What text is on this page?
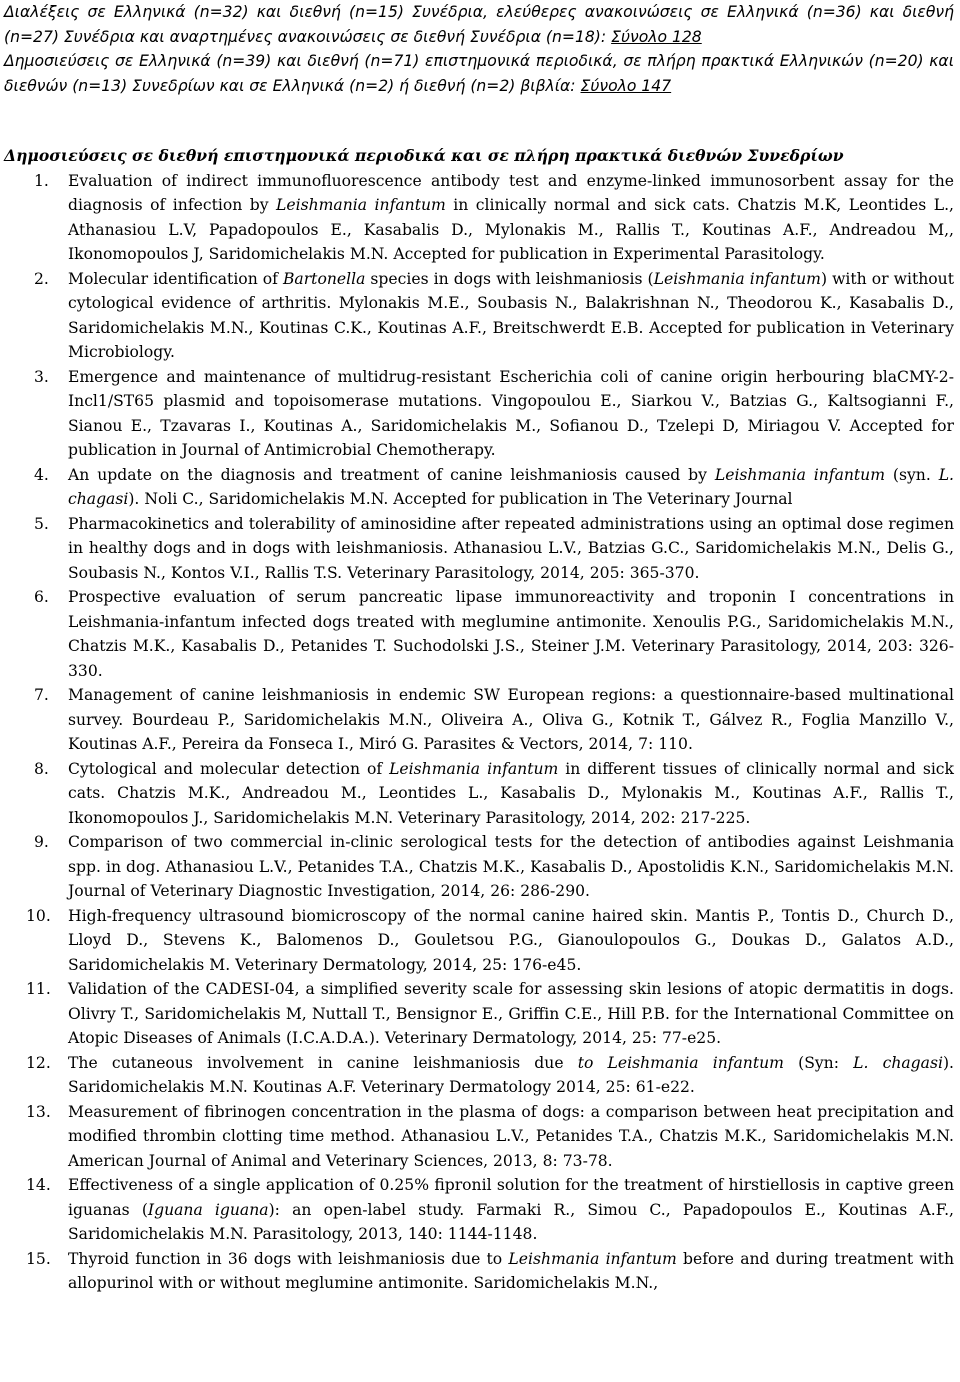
Διαλέξεις σε Ελληνικά (n=32) και διεθνή (n=15) Συνέδρια, ελεύθερες ανακοινώσεις σε Ελληνικά (n=36) και διεθνή (n=27) Συνέδρια και αναρτημένες ανακοινώσεις σε διεθνή Συνέδρια (n=18): Σύνολο 128

Δημοσιεύσεις σε Ελληνικά (n=39) και διεθνή (n=71) επιστημονικά περιοδικά, σε πλήρη πρακτικά Ελληνικών (n=20) και διεθνών (n=13) Συνεδρίων και σε Ελληνικά (n=2) ή διεθνή (n=2) βιβλία: Σύνολο 147

Δημοσιεύσεις σε διεθνή επιστημονικά περιοδικά και σε πλήρη πρακτικά διεθνών Συνεδρίων
1.	Evaluation of indirect immunofluorescence antibody test and enzyme-linked immunosorbent assay for the diagnosis of infection by Leishmania infantum in clinically normal and sick cats. Chatzis M.K, Leontides L., Athanasiou L.V, Papadopoulos E., Kasabalis D., Mylonakis M., Rallis T., Koutinas A.F., Andreadou M,, Ikonomopoulos J, Saridomichelakis M.N. Accepted for publication in Experimental Parasitology.
2.	Molecular identification of Bartonella species in dogs with leishmaniosis (Leishmania infantum) with or without cytological evidence of arthritis. Mylonakis M.E., Soubasis N., Balakrishnan N., Theodorou K., Kasabalis D., Saridomichelakis M.N., Koutinas C.K., Koutinas A.F., Breitschwerdt E.B. Accepted for publication in Veterinary Microbiology.
3.	Emergence and maintenance of multidrug-resistant Escherichia coli of canine origin herbouring blaCMY-2-Incl1/ST65 plasmid and topoisomerase mutations. Vingopoulou E., Siarkou V., Batzias G., Kaltsogianni F., Sianou E., Tzavaras I., Koutinas A., Saridomichelakis M., Sofianou D., Tzelepi D, Miriagou V. Accepted for publication in Journal of Antimicrobial Chemotherapy.
4.	An update on the diagnosis and treatment of canine leishmaniosis caused by Leishmania infantum (syn. L. chagasi). Noli C., Saridomichelakis M.N. Accepted for publication in The Veterinary Journal
5.	Pharmacokinetics and tolerability of aminosidine after repeated administrations using an optimal dose regimen in healthy dogs and in dogs with leishmaniosis. Athanasiou L.V., Batzias G.C., Saridomichelakis M.N., Delis G., Soubasis N., Kontos V.I., Rallis T.S. Veterinary Parasitology, 2014, 205: 365-370.
6.	Prospective evaluation of serum pancreatic lipase immunoreactivity and troponin I concentrations in Leishmania-infantum infected dogs treated with meglumine antimonite. Xenoulis P.G., Saridomichelakis M.N., Chatzis M.K., Kasabalis D., Petanides T. Suchodolski J.S., Steiner J.M. Veterinary Parasitology, 2014, 203: 326-330.
7.	Management of canine leishmaniosis in endemic SW European regions: a questionnaire-based multinational survey. Bourdeau P., Saridomichelakis M.N., Oliveira A., Oliva G., Kotnik T., Gálvez R., Foglia Manzillo V., Koutinas A.F., Pereira da Fonseca I., Miró G. Parasites & Vectors, 2014, 7: 110.
8.	Cytological and molecular detection of Leishmania infantum in different tissues of clinically normal and sick cats. Chatzis M.K., Andreadou M., Leontides L., Kasabalis D., Mylonakis M., Koutinas A.F., Rallis T., Ikonomopoulos J., Saridomichelakis M.N. Veterinary Parasitology, 2014, 202: 217-225.
9.	Comparison of two commercial in-clinic serological tests for the detection of antibodies against Leishmania spp. in dog. Athanasiou L.V., Petanides T.A., Chatzis M.K., Kasabalis D., Apostolidis K.N., Saridomichelakis M.N. Journal of Veterinary Diagnostic Investigation, 2014, 26: 286-290.
10.	High-frequency ultrasound biomicroscopy of the normal canine haired skin. Mantis P., Tontis D., Church D., Lloyd D., Stevens K., Balomenos D., Gouletsou P.G., Gianoulopoulos G., Doukas D., Galatos A.D., Saridomichelakis M. Veterinary Dermatology, 2014, 25: 176-e45.
11.	Validation of the CADESI-04, a simplified severity scale for assessing skin lesions of atopic dermatitis in dogs. Olivry T., Saridomichelakis M, Nuttall T., Bensignor E., Griffin C.E., Hill P.B. for the International Committee on Atopic Diseases of Animals (I.C.A.D.A.). Veterinary Dermatology, 2014, 25: 77-e25.
12.	The cutaneous involvement in canine leishmaniosis due to Leishmania infantum (Syn: L. chagasi). Saridomichelakis M.N. Koutinas A.F. Veterinary Dermatology 2014, 25: 61-e22.
13.	Measurement of fibrinogen concentration in the plasma of dogs: a comparison between heat precipitation and modified thrombin clotting time method. Athanasiou L.V., Petanides T.A., Chatzis M.K., Saridomichelakis M.N. American Journal of Animal and Veterinary Sciences, 2013, 8: 73-78.
14.	Effectiveness of a single application of 0.25% fipronil solution for the treatment of hirstiellosis in captive green iguanas (Iguana iguana): an open-label study. Farmaki R., Simou C., Papadopoulos E., Koutinas A.F., Saridomichelakis M.N. Parasitology, 2013, 140: 1144-1148.
15.	Thyroid function in 36 dogs with leishmaniosis due to Leishmania infantum before and during treatment with allopurinol with or without meglumine antimonite. Saridomichelakis M.N.,
